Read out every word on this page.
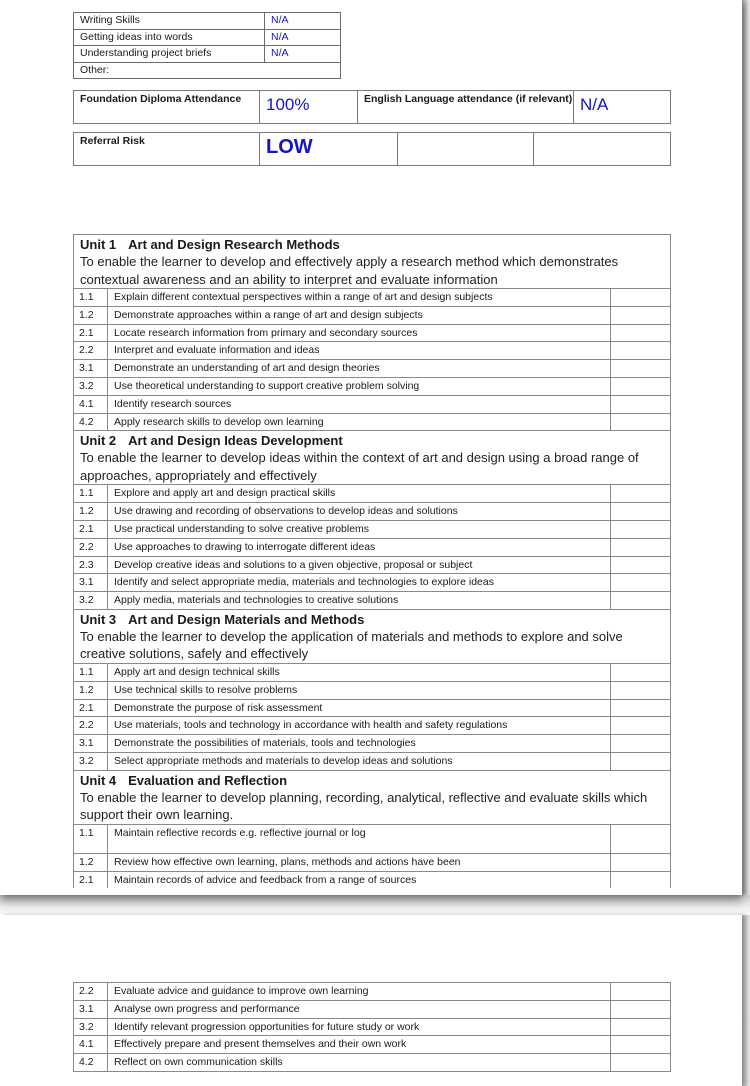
Writing Skills	N/A
Getting ideas into words	N/A
Understanding project briefs	N/A
Other:	
Foundation Diploma Attendance	100%	English Language attendance (if relevant)	N/A
Referral Risk	LOW		
Unit 1 Art and Design Research Methods
To enable the learner to develop and effectively apply a research method which demonstrates contextual awareness and an ability to interpret and evaluate information		

1.1	Explain different contextual perspectives within a range of art and design subjects	
1.2	Demonstrate approaches within a range of art and design subjects	
2.1	Locate research information from primary and secondary sources	
2.2	Interpret and evaluate information and ideas	
3.1	Demonstrate an understanding of art and design theories	
3.2	Use theoretical understanding to support creative problem solving	
4.1	Identify research sources	
4.2	Apply research skills to develop own learning	

Unit 2 Art and Design Ideas Development
To enable the learner to develop ideas within the context of art and design using a broad range of approaches, appropriately and effectively		

1.1	Explore and apply art and design practical skills	
1.2	Use drawing and recording of observations to develop ideas and solutions	
2.1	Use practical understanding to solve creative problems	
2.2	Use approaches to drawing to interrogate different ideas	
2.3	Develop creative ideas and solutions to a given objective, proposal or subject	
3.1	Identify and select appropriate media, materials and technologies to explore ideas	
3.2	Apply media, materials and technologies to creative solutions	

Unit 3 Art and Design Materials and Methods
To enable the learner to develop the application of materials and methods to explore and solve creative solutions, safely and effectively		

1.1	Apply art and design technical skills	
1.2	Use technical skills to resolve problems	
2.1	Demonstrate the purpose of risk assessment	
2.2	Use materials, tools and technology in accordance with health and safety regulations	
3.1	Demonstrate the possibilities of materials, tools and technologies	
3.2	Select appropriate methods and materials to develop ideas and solutions	

Unit 4 Evaluation and Reflection
To enable the learner to develop planning, recording, analytical, reflective and evaluate skills which support their own learning.		

1.1	Maintain reflective records e.g. reflective journal or log	
1.2	Review how effective own learning, plans, methods and actions have been	
2.1	Maintain records of advice and feedback from a range of sources	
2.2	Evaluate advice and guidance to improve own learning	
3.1	Analyse own progress and performance	
3.2	Identify relevant progression opportunities for future study or work	
4.1	Effectively prepare and present themselves and their own work	
4.2	Reflect on own communication skills	
